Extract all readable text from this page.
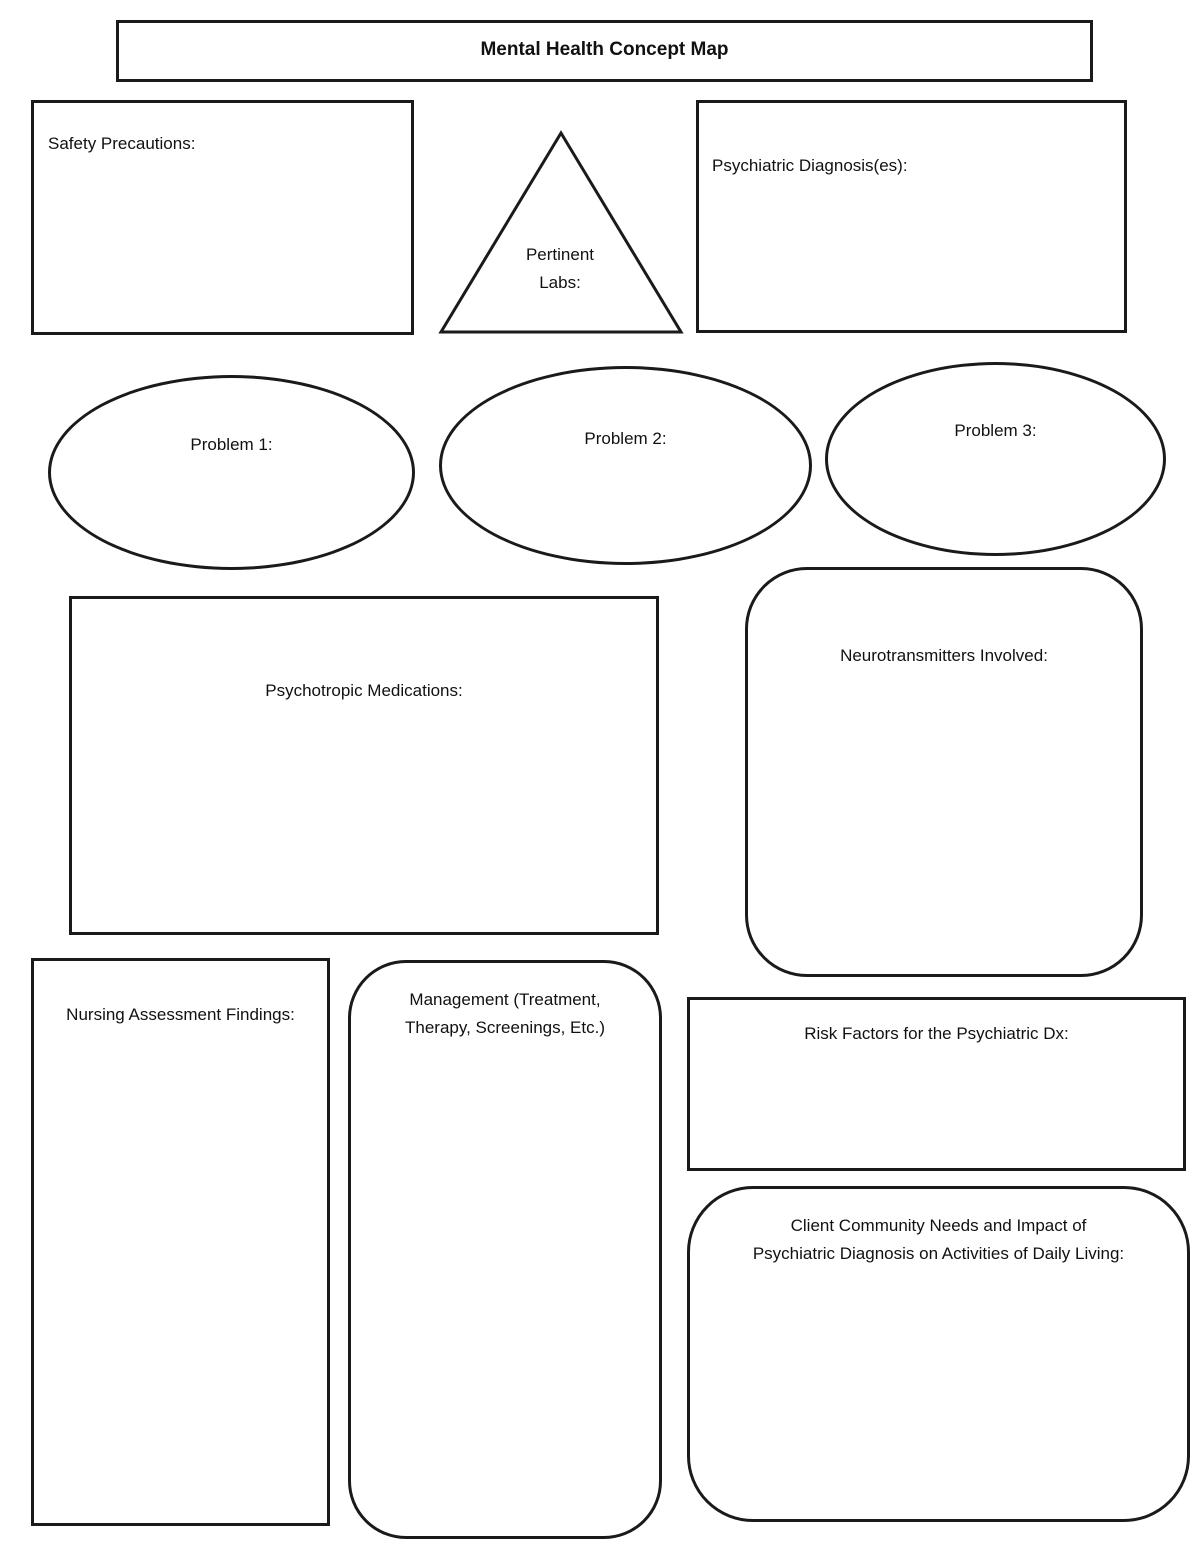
Mental Health Concept Map
Safety Precautions:
Pertinent
Labs:
Psychiatric Diagnosis(es):
Problem 1:	Problem 2:	Problem 3:
Psychotropic Medications:
Neurotransmitters Involved:
Nursing Assessment Findings:
Management (Treatment,
Therapy, Screenings, Etc.)	Risk Factors for the Psychiatric Dx:
Client Community Needs and Impact of
Psychiatric Diagnosis on Activities of Daily Living:
